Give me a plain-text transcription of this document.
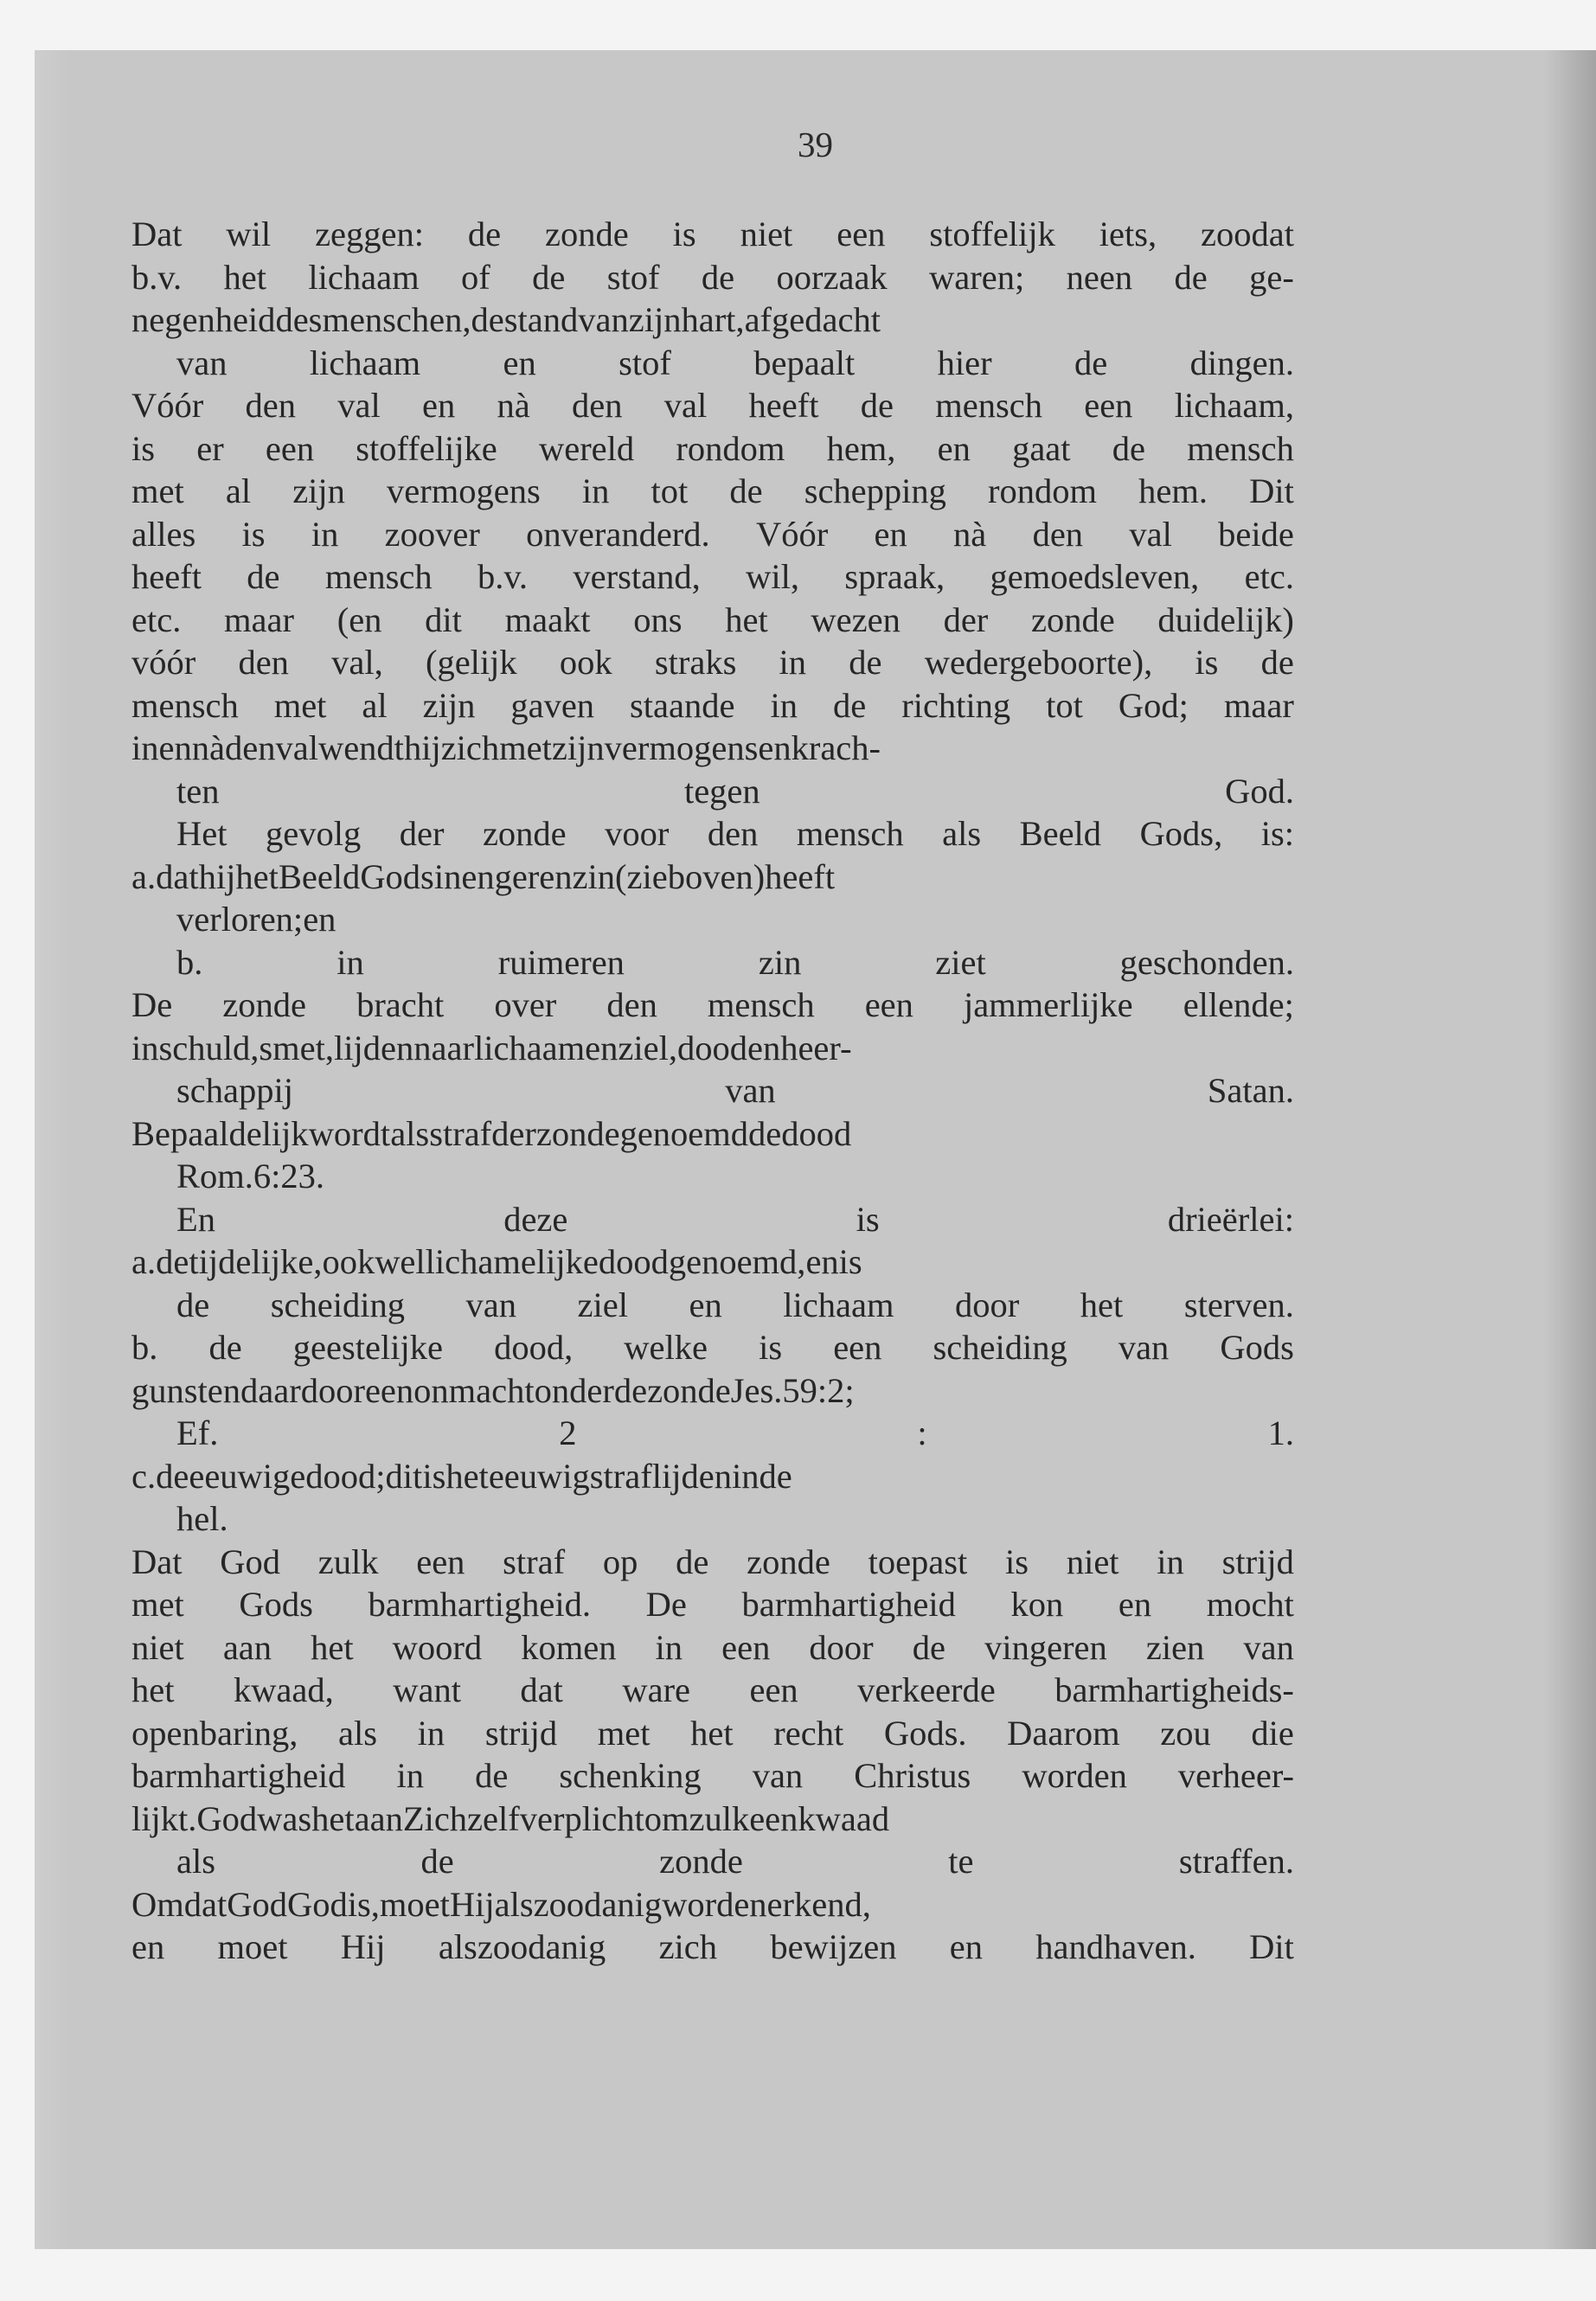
39
Dat wil zeggen: de zonde is niet een stoffelijk iets, zoodat
b.v. het lichaam of de stof de oorzaak waren; neen de ge-
negenheid des menschen, de stand van zijn hart, afgedacht
van lichaam en stof bepaalt hier de dingen.
Vóór den val en nà den val heeft de mensch een lichaam,
is er een stoffelijke wereld rondom hem, en gaat de mensch
met al zijn vermogens in tot de schepping rondom hem. Dit
alles is in zoover onveranderd. Vóór en nà den val beide
heeft de mensch b.v. verstand, wil, spraak, gemoedsleven, etc.
etc. maar (en dit maakt ons het wezen der zonde duidelijk)
vóór den val, (gelijk ook straks in de wedergeboorte), is de
mensch met al zijn gaven staande in de richting tot God; maar
in en nà den val wendt hij zich met zijn vermogens en krach-
ten	tegen	God.
Het gevolg der zonde voor den mensch als Beeld Gods, is:
a. dat hij het Beeld Gods in engeren zin (zie boven) heeft
verloren; en
b.	in	ruimeren	zin	ziet	geschonden.
De zonde bracht over den mensch een jammerlijke ellende;
in schuld, smet, lijden naar lichaam en ziel, dood en heer-
schappij	van	Satan.
Bepaaldelijk wordt als straf der zonde genoemd de dood
Rom. 6 : 23.
En	deze	is	drieërlei:
a. de tijdelijke, ook wel lichamelijke dood genoemd, en is
de scheiding van ziel en lichaam door het sterven.
b. de geestelijke dood, welke is een scheiding van Gods
gunst en daardoor een onmacht onder de zonde Jes. 59 : 2;
Ef.	2	:	1.
c. de eeuwige dood; dit is het eeuwig straf lijden in de
hel.
Dat God zulk een straf op de zonde toepast is niet in strijd
met Gods barmhartigheid. De barmhartigheid kon en mocht
niet aan het woord komen in een door de vingeren zien van
het kwaad, want dat ware een verkeerde barmhartigheids-
openbaring, als in strijd met het recht Gods. Daarom zou die
barmhartigheid in de schenking van Christus worden verheer-
lijkt. God was het aan Zichzelf verplicht om zulk een kwaad
als	de	zonde	te	straffen.
Omdat God God is, moet Hij alszoodanig worden erkend,
en moet Hij alszoodanig zich bewijzen en handhaven. Dit
